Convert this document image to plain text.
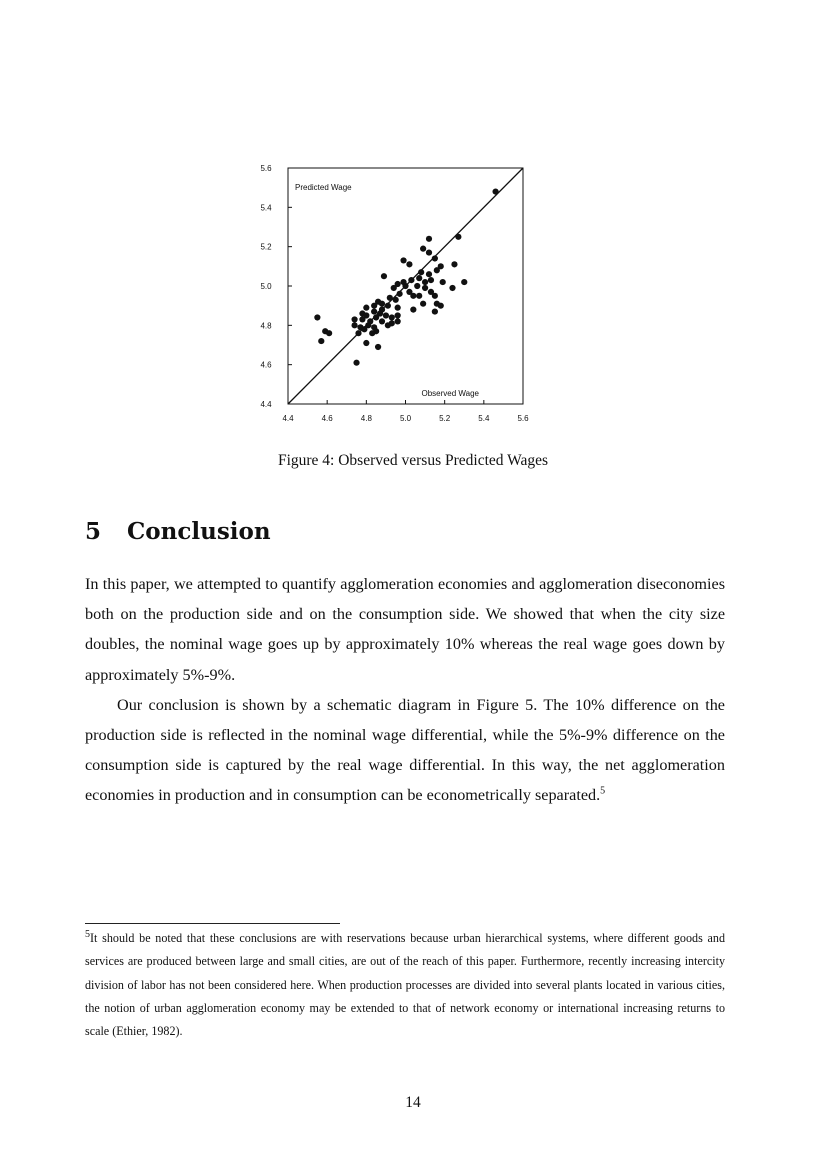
4.4	4.6	4.8	5.0	5.2	5.4	5.6
5.6
5.4
5.2
5.0
4.8
4.6
4.4
Predicted Wage
Observed Wage
Figure 4: Observed versus Predicted Wages
5 Conclusion

In this paper, we attempted to quantify agglomeration economies and agglomeration diseconomies both on the production side and on the consumption side. We showed that when the city size doubles, the nominal wage goes up by approximately 10% whereas the real wage goes down by approximately 5%-9%.

Our conclusion is shown by a schematic diagram in Figure 5. The 10% difference on the production side is reflected in the nominal wage differential, while the 5%-9% difference on the consumption side is captured by the real wage differential. In this way, the net agglomeration economies in production and in consumption can be econometrically separated.$^5$

$^5$It should be noted that these conclusions are with reservations because urban hierarchical systems, where different goods and services are produced between large and small cities, are out of the reach of this paper. Furthermore, recently increasing intercity division of labor has not been considered here. When production processes are divided into several plants located in various cities, the notion of urban agglomeration economy may be extended to that of network economy or international increasing returns to scale (Ethier, 1982).
14
